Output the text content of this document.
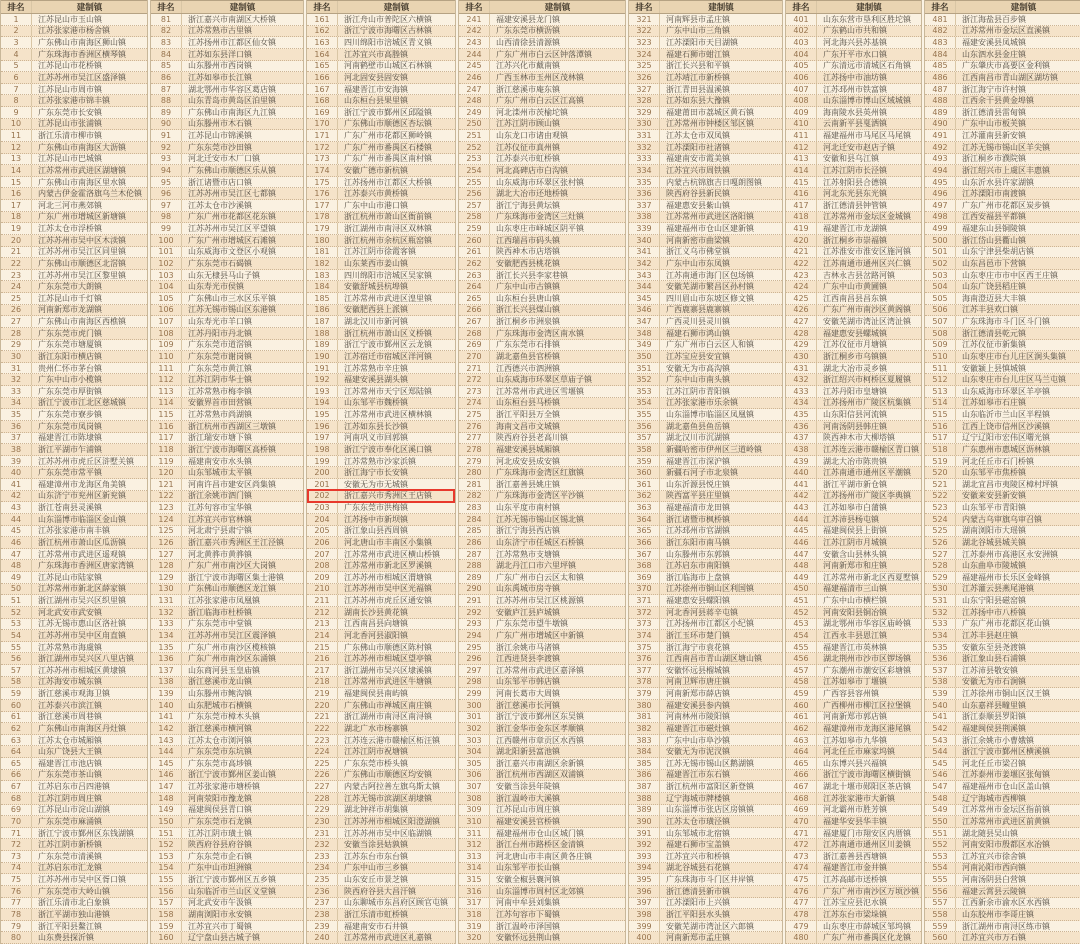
排名	建制镇
1	江苏昆山市玉山镇
2	江苏张家港市杨舍镇
3	广东佛山市南海区狮山镇
4	广东珠海市香洲区横琴镇
5	江苏昆山市花桥镇
6	江苏苏州市吴江区盛泽镇
7	江苏昆山市周市镇
8	江苏张家港市锦丰镇
9	广东东莞市长安镇
10	江苏昆山市张浦镇
11	浙江乐清市柳市镇
12	广东佛山市南海区大沥镇
13	江苏昆山市巴城镇
14	江苏常州市武进区湖塘镇
15	广东佛山市南海区里水镇
16	内蒙古伊金霍洛旗乌兰木伦镇
17	河北三河市燕郊镇
18	广东广州市增城区新塘镇
19	江苏太仓市浮桥镇
20	江苏苏州市吴中区木渎镇
21	江苏苏州市吴江区同里镇
22	广东佛山市顺德区北滘镇
23	江苏苏州市吴江区黎里镇
24	广东东莞市大朗镇
25	江苏昆山市千灯镇
26	河南新郑市龙湖镇
27	广东佛山市南海区西樵镇
28	广东东莞市虎门镇
29	广东东莞市塘厦镇
30	浙江东阳市横店镇
31	贵州仁怀市茅台镇
32	广东中山市小榄镇
33	广东东莞市厚街镇
34	浙江宁波市江北区慈城镇
35	广东东莞市寮步镇
36	广东东莞市凤岗镇
37	福建晋江市陈埭镇
38	浙江平湖市乍浦镇
39	江苏苏州市虎丘区浒墅关镇
40	广东东莞市常平镇
41	福建漳州市龙海区角美镇
42	山东济宁市兖州区新兖镇
43	浙江苍南县灵溪镇
44	山东淄博市临淄区金山镇
45	江苏张家港市南丰镇
46	浙江杭州市萧山区瓜沥镇
47	江苏常州市武进区遥观镇
48	广东珠海市香洲区唐家湾镇
49	江苏昆山市陆家镇
50	江苏常州市新北区薛家镇
51	浙江湖州市吴兴区织里镇
52	河北武安市武安镇
53	江苏无锡市惠山区洛社镇
54	江苏苏州市吴中区甪直镇
55	江苏常熟市海虞镇
56	浙江湖州市吴兴区八里店镇
57	江苏苏州市相城区黄埭镇
58	江苏海安市城东镇
59	浙江慈溪市观海卫镇
60	江苏泰兴市滨江镇
61	浙江慈溪市周巷镇
62	广东佛山市南海区丹灶镇
63	江苏太仓市城厢镇
64	山东广饶县大王镇
65	福建晋江市池店镇
66	广东东莞市茶山镇
67	江苏启东市吕四港镇
68	江苏江阴市周庄镇
69	江苏昆山市淀山湖镇
70	广东东莞市麻涌镇
71	浙江宁波市鄞州区东钱湖镇
72	江苏江阴市新桥镇
73	广东东莞市清溪镇
74	江苏启东市汇龙镇
75	江苏苏州市吴中区胥口镇
76	广东东莞市大岭山镇
77	浙江乐清市北白象镇
78	浙江平湖市独山港镇
79	浙江平阳县鳌江镇
80	山东费县探沂镇
排名	建制镇
81	浙江嘉兴市南湖区大桥镇
82	江苏常熟市古里镇
83	江苏扬州市江都区仙女镇
84	江苏如东县洋口镇
85	山东滕州市西岗镇
86	江苏如皋市长江镇
87	湖北鄂州市华容区葛店镇
88	山东青岛市黄岛区泊里镇
89	广东佛山市南海区九江镇
90	山东滕州市木石镇
91	江苏昆山市锦溪镇
92	广东东莞市沙田镇
93	河北迁安市木厂口镇
94	广东佛山市顺德区乐从镇
95	浙江诸暨市店口镇
96	江苏苏州市吴江区七都镇
97	江苏太仓市沙溪镇
98	广东广州市花都区花东镇
99	江苏苏州市吴江区平望镇
100	广东广州市增城区石滩镇
101	山东威海市文登区小观镇
102	广东东莞市石碣镇
103	山东无棣县马山子镇
104	山东寿光市侯镇
105	广东佛山市三水区乐平镇
106	江苏无锡市锡山区东港镇
107	山东寿光市羊口镇
108	江苏丹阳市丹北镇
109	广东东莞市道滘镇
110	广东东莞市谢岗镇
111	广东东莞市黄江镇
112	江苏江阴市华士镇
113	江苏常熟市梅李镇
114	安徽界首市田营镇
115	江苏常熟市尚湖镇
116	浙江杭州市西湖区三墩镇
117	浙江瑞安市塘下镇
118	浙江宁波市海曙区高桥镇
119	福建南安市水头镇
120	山东邹城市太平镇
121	河南许昌市建安区尚集镇
122	浙江余姚市泗门镇
123	江苏句容市宝华镇
124	江苏宜兴市官林镇
125	河北肃宁县肃宁镇
126	浙江嘉兴市秀洲区王江泾镇
127	河北黄骅市黄骅镇
128	广东广州市南沙区大岗镇
129	浙江宁波市海曙区集士港镇
130	广东佛山市顺德区龙江镇
131	江苏张家港市凤凰镇
132	浙江临海市杜桥镇
133	广东东莞市中堂镇
134	江苏苏州市吴江区震泽镇
135	广东广州市南沙区榄核镇
136	广东广州市南沙区东涌镇
137	山东商河县玉皇庙镇
138	浙江慈溪市龙山镇
139	山东滕州市鲍沟镇
140	山东肥城市石横镇
141	广东东莞市樟木头镇
142	浙江慈溪市横河镇
143	江苏太仓市浏河镇
144	广东东莞市东坑镇
145	广东东莞市高埗镇
146	浙江宁波市鄞州区姜山镇
147	江苏张家港市塘桥镇
148	河南荥阳市豫龙镇
149	福建闽侯县青口镇
150	广东东莞市石龙镇
151	江苏江阴市璜土镇
152	陕西府谷县府谷镇
153	广东东莞市企石镇
154	广东中山市坦洲镇
155	浙江宁波市鄞州区五乡镇
156	山东临沂市兰山区义堂镇
157	河北武安市午汲镇
158	湖南浏阳市永安镇
159	江苏宜兴市丁蜀镇
160	辽宁盘山县古城子镇
排名	建制镇
161	浙江舟山市普陀区六横镇
162	浙江宁波市海曙区古林镇
163	四川绵阳市涪城区青义镇
164	江苏宜兴市高塍镇
165	河南鹤壁市山城区石林镇
166	河北固安县固安镇
167	福建晋江市安海镇
168	山东桓台县果里镇
169	浙江宁波市鄞州区邱隘镇
170	广东佛山市顺德区杏坛镇
171	广东广州市花都区狮岭镇
172	广东广州市番禺区石楼镇
173	广东广州市番禺区南村镇
174	安徽广德市新杭镇
175	江苏扬州市江都区大桥镇
176	江苏泰兴市黄桥镇
177	广东中山市港口镇
178	浙江杭州市萧山区衙前镇
179	浙江湖州市南浔区双林镇
180	浙江杭州市余杭区瓶窑镇
181	江苏江阴市徐霞客镇
182	山东莱西市姜山镇
183	四川绵阳市涪城区吴家镇
184	安徽舒城县杭埠镇
185	江苏常州市武进区湟里镇
186	安徽肥西县上派镇
187	湖北汉川市新河镇
188	浙江杭州市萧山区义桥镇
189	浙江宁波市鄞州区云龙镇
190	江苏宿迁市宿城区洋河镇
191	江苏常熟市辛庄镇
192	福建安溪县湖头镇
193	江苏常州市天宁区郑陆镇
194	山东邹平市魏桥镇
195	江苏常州市武进区横林镇
196	江苏如东县长沙镇
197	河南巩义市回郭镇
198	浙江宁波市奉化区溪口镇
199	江苏常熟市沙家浜镇
200	浙江海宁市长安镇
201	安徽无为市无城镇
202	浙江嘉兴市秀洲区王店镇
203	广东东莞市洪梅镇
204	江苏扬中市新坝镇
205	浙江象山县西周镇
206	河北唐山市丰南区小集镇
207	江苏常州市武进区横山桥镇
208	江苏常州市新北区罗溪镇
209	江苏苏州市相城区渭塘镇
210	江苏苏州市吴中区光福镇
211	江苏苏州市虎丘区通安镇
212	湖南长沙县黄花镇
213	江西南昌县向塘镇
214	河北香河县淑阳镇
215	广东佛山市顺德区陈村镇
216	江苏苏州市相城区望亭镇
217	浙江湖州市吴兴区埭溪镇
218	江苏常州市武进区牛塘镇
219	福建闽侯县南屿镇
220	广东佛山市禅城区南庄镇
221	浙江湖州市南浔区南浔镇
222	湖北广水市杨寨镇
223	江苏连云港市赣榆区柘汪镇
224	江苏江阴市祝塘镇
225	广东东莞市桥头镇
226	广东佛山市顺德区均安镇
227	内蒙古阿拉善左旗乌斯太镇
228	江苏无锡市滨湖区胡埭镇
229	湖北钟祥市胡集镇
230	江苏苏州市相城区阳澄湖镇
231	江苏苏州市吴中区临湖镇
232	安徽当涂县姑孰镇
233	江苏东台市东台镇
234	广东中山市三乡镇
235	山东安丘市景芝镇
236	陕西府谷县大昌汗镇
237	山东聊城市东昌府区顾官屯镇
238	浙江乐清市虹桥镇
239	福建南安市石井镇
240	江苏常州市武进区礼嘉镇
排名	建制镇
241	福建安溪县龙门镇
242	广东东莞市横沥镇
243	山西清徐县清源镇
244	广东广州市白云区钟落潭镇
245	江苏兴化市戴南镇
246	广西玉林市玉州区茂林镇
247	浙江慈溪市庵东镇
248	广东广州市白云区江高镇
249	河北滦州市茨榆坨镇
250	江苏江阴市顾山镇
251	山东龙口市诸由观镇
252	江苏仪征市真州镇
253	江苏泰兴市虹桥镇
254	河北高碑店市白沟镇
255	山东威海市环翠区张村镇
256	湖北大冶市还地桥镇
257	浙江宁海县黄坛镇
258	广东珠海市金湾区三灶镇
259	山东枣庄市峄城区阴平镇
260	江西瑞昌市码头镇
261	陕西神木市店塔镇
262	安徽肥西县桃花镇
263	浙江长兴县李家巷镇
264	广东中山市古镇镇
265	山东桓台县唐山镇
266	浙江长兴县煤山镇
267	浙江桐乡市洲泉镇
268	广东珠海市金湾区南水镇
269	广东东莞市石排镇
270	湖北嘉鱼县官桥镇
271	江西德兴市泗洲镇
272	山东威海市环翠区草庙子镇
273	江苏常州市武进区雪堰镇
274	山东桓台县马桥镇
275	浙江平阳县万全镇
276	海南文昌市文城镇
277	陕西府谷县老高川镇
278	福建安溪县城厢镇
279	河北成安县成安镇
280	广东珠海市金湾区红旗镇
281	浙江嘉善县姚庄镇
282	广东珠海市金湾区平沙镇
283	山东平度市南村镇
284	江苏无锡市锡山区锡北镇
285	浙江宁海县西店镇
286	山东济宁市任城区石桥镇
287	江苏常熟市支塘镇
288	湖北丹江口市六里坪镇
289	广东广州市白云区太和镇
290	山东禹城市房寺镇
291	江苏苏州市吴江区桃源镇
292	安徽庐江县庐城镇
293	广东东莞市望牛墩镇
294	广东广州市增城区中新镇
295	浙江余姚市马渚镇
296	江西进贤县李渡镇
297	江苏常州市武进区嘉泽镇
298	山东邹平市韩店镇
299	河南长葛市大周镇
300	浙江慈溪市长河镇
301	浙江宁波市鄞州区东吴镇
302	浙江金华市金东区孝顺镇
303	江西赣州市章贡区水西镇
304	湖北阳新县富池镇
305	浙江嘉兴市南湖区余新镇
306	浙江杭州市西湖区双浦镇
307	安徽当涂县年陡镇
308	浙江温岭市大溪镇
309	江苏昆山市周庄镇
310	福建安溪县官桥镇
311	福建福州市仓山区城门镇
312	浙江台州市路桥区金清镇
313	河北唐山市丰南区黄各庄镇
314	山东邹平市长山镇
315	安徽全椒县襄河镇
316	山东淄博市周村区北郊镇
317	河南中牟县刘集镇
318	江苏句容市下蜀镇
319	浙江温岭市泽国镇
320	安徽怀远县荆山镇
排名	建制镇
321	河南辉县市孟庄镇
322	广东中山市三角镇
323	江苏溧阳市天目湖镇
324	福建石狮市蚶江镇
325	浙江长兴县和平镇
326	江苏靖江市新桥镇
327	浙江青田县温溪镇
328	江苏如东县大豫镇
329	福建莆田市荔城区黄石镇
330	江苏常州市钟楼区邹区镇
331	江苏太仓市双凤镇
332	江苏溧阳市社渚镇
333	福建南安市霞美镇
334	江苏宜兴市周铁镇
335	内蒙古杭锦旗吉日嘎朗图镇
336	陕西府谷县新民镇
337	福建惠安县紫山镇
338	江苏常州市武进区洛阳镇
339	福建福州市仓山区建新镇
340	河南新密市曲梁镇
341	浙江义乌市佛堂镇
342	广东中山市东凤镇
343	江苏南通市海门区包场镇
344	安徽芜湖市繁昌区孙村镇
345	四川眉山市东坡区修文镇
346	广西鹿寨县鹿寨镇
347	广西灵川县灵川镇
348	福建石狮市鸿山镇
349	广东广州市白云区人和镇
350	江苏宝应县安宜镇
351	安徽无为市高沟镇
352	广东中山市南头镇
353	江苏江阴市青阳镇
354	江苏张家港市乐余镇
355	山东淄博市临淄区凤凰镇
356	湖北嘉鱼县鱼岳镇
357	湖北汉川市沉湖镇
358	新疆哈密市伊州区三道岭镇
359	福建晋江市深沪镇
360	新疆石河子市北泉镇
361	山东沂源县悦庄镇
362	陕西富平县庄里镇
363	福建福清市龙田镇
364	浙江诸暨市枫桥镇
365	江苏邳州市官湖镇
366	浙江东阳市南马镇
367	山东滕州市东郭镇
368	江苏启东市南阳镇
369	浙江临海市上盘镇
370	江苏徐州市铜山区利国镇
371	福建惠安县螺阳镇
372	河北香河县蒋辛屯镇
373	江苏扬州市江都区小纪镇
374	浙江玉环市楚门镇
375	浙江海宁市袁花镇
376	江西南昌市青山湖区塘山镇
377	安徽怀远县榴城镇
378	河南卫辉市唐庄镇
379	河南新郑市薛店镇
380	福建安溪县参内镇
381	河南林州市陵阳镇
382	福建晋江市磁灶镇
383	广东中山市阜沙镇
384	安徽无为市泥汊镇
385	江苏无锡市锡山区鹅湖镇
386	福建晋江市东石镇
387	浙江杭州市富阳区新登镇
388	辽宁海城市牌楼镇
389	山东淄博市张店区房镇镇
390	江苏太仓市璜泾镇
391	山东邹城市北宿镇
392	福建石狮市宝盖镇
393	江苏宜兴市和桥镇
394	湖北谷城县石花镇
395	广东珠海市斗门区井岸镇
396	浙江德清县新市镇
397	江苏溧阳市上兴镇
398	浙江平阳县水头镇
399	安徽芜湖市湾沚区六郎镇
400	河南新郑市孟庄镇
排名	建制镇
401	山东东营市垦利区胜坨镇
402	广东鹤山市共和镇
403	河北海兴县苏基镇
404	广东开平市水口镇
405	广东清远市清城区石角镇
406	江苏扬中市油坊镇
407	江苏邳州市铁富镇
408	山东淄博市博山区域城镇
409	海南陵水县英州镇
410	云南新平县戛洒镇
411	福建福州市马尾区马尾镇
412	河北迁安市赵店子镇
413	安徽和县乌江镇
414	江苏江阴市长泾镇
415	江苏射阳县合德镇
416	河北东光县东光镇
417	浙江德清县钟管镇
418	江苏常州市金坛区金城镇
419	福建晋江市龙湖镇
420	浙江桐乡市崇福镇
421	江苏淮安市淮安区施河镇
422	江苏南通市通州区兴仁镇
423	吉林永吉县岔路河镇
424	广东中山市黄圃镇
425	江西南昌县昌东镇
426	广东广州市南沙区黄阁镇
427	安徽芜湖市湾沚区湾沚镇
428	福建惠安县螺城镇
429	江苏仪征市月塘镇
430	浙江桐乡市乌镇镇
431	湖北大冶市灵乡镇
432	浙江绍兴市柯桥区夏履镇
433	江苏丹阳市皇塘镇
434	江苏扬州市广陵区杭集镇
435	山东阳信县河流镇
436	河南汤阴县韩庄镇
437	陕西神木市大柳塔镇
438	江苏连云港市赣榆区青口镇
439	湖北大冶市陈贵镇
440	江苏南通市通州区平潮镇
441	浙江平湖市新仓镇
442	江苏扬州市广陵区李典镇
443	江苏如皋市白蒲镇
444	江苏沛县杨屯镇
445	福建闽侯县上街镇
446	江苏江阴市月城镇
447	安徽含山县林头镇
448	河南新郑市和庄镇
449	江苏常州市新北区西夏墅镇
450	福建福清市三山镇
451	广东中山市横栏镇
452	河南安阳县铜冶镇
453	湖北鄂州市华容区庙岭镇
454	江西永丰县恩江镇
455	福建晋江市英林镇
456	湖北荆州市沙市区锣场镇
457	广东潮州市潮安区彩塘镇
458	江苏如皋市丁堰镇
459	广西容县容州镇
460	广西柳州市柳江区拉堡镇
461	河南新郑市郭店镇
462	福建漳州市龙海区港尾镇
463	江苏如皋市九华镇
464	河北任丘市麻家坞镇
465	山东博兴县兴福镇
466	浙江宁波市海曙区横街镇
467	湖北十堰市郧阳区茶店镇
468	江苏张家港市大新镇
469	河北霸州市胜芳镇
470	福建华安县华丰镇
471	福建厦门市翔安区内厝镇
472	江苏南通市通州区川姜镇
473	浙江嘉善县西塘镇
474	福建晋江市金井镇
475	江苏高邮市送桥镇
476	广东广州市南沙区万顷沙镇
477	江苏宝应县氾水镇
478	江苏东台市梁垛镇
479	山东枣庄市薛城区邹坞镇
480	广东广州市番禺区化龙镇
排名	建制镇
481	浙江海盐县百步镇
482	江苏常州市金坛区直溪镇
483	福建安溪县凤城镇
484	山东泗水县金庄镇
485	广东肇庆市高要区金利镇
486	江西南昌市青山湖区湖坊镇
487	浙江海宁市许村镇
488	江西余干县黄金埠镇
489	浙江德清县雷甸镇
490	广东中山市板芙镇
491	江苏灌南县新安镇
492	江苏无锡市锡山区羊尖镇
493	浙江桐乡市濮院镇
494	浙江绍兴市上虞区丰惠镇
495	山东沂水县许家湖镇
496	江苏溧阳市南渡镇
497	广东广州市花都区炭步镇
498	江西安福县平都镇
499	福建东山县铜陵镇
500	浙江岱山县衢山镇
501	山东宁津县柴胡店镇
502	山东昌邑市下营镇
503	山东枣庄市市中区西王庄镇
504	山东广饶县稻庄镇
505	海南澄迈县大丰镇
506	江苏丰县欢口镇
507	广东珠海市斗门区斗门镇
508	浙江德清县乾元镇
509	江苏仪征市新集镇
510	山东枣庄市台儿庄区涧头集镇
511	安徽颍上县慎城镇
512	山东枣庄市台儿庄区马兰屯镇
513	山东威海市环翠区羊亭镇
514	江苏如皋市石庄镇
515	山东临沂市兰山区半程镇
516	江西上饶市信州区沙溪镇
517	辽宁辽阳市宏伟区曙光镇
518	广东惠州市惠城区沥林镇
519	河北任丘市石门桥镇
520	山东邹平市焦桥镇
521	湖北宜昌市夷陵区樟村坪镇
522	安徽来安县新安镇
523	山东邹平市青阳镇
524	内蒙古乌审旗乌审召镇
525	湖南浏阳市大瑶镇
526	湖北谷城县城关镇
527	江苏泰州市高港区永安洲镇
528	山东曲阜市陵城镇
529	福建福州市长乐区金峰镇
530	江苏灌云县燕尾港镇
531	山东宁阳县磁窑镇
532	江苏扬中市八桥镇
533	广东广州市花都区花山镇
534	江苏丰县赵庄镇
535	安徽东至县尧渡镇
536	浙江象山县石浦镇
537	江苏沛县敬安镇
538	安徽无为市石涧镇
539	江苏徐州市铜山区汉王镇
540	山东嘉祥县疃里镇
541	浙江泰顺县罗阳镇
542	福建闽侯县荆溪镇
543	浙江余姚市小曹娥镇
544	浙江宁波市鄞州区横溪镇
545	河北任丘市梁召镇
546	江苏泰州市姜堰区张甸镇
547	福建福州市仓山区盖山镇
548	辽宁海城市西柳镇
549	江苏常州市金坛区指前镇
550	江苏常州市武进区前黄镇
551	湖北随县吴山镇
552	河南安阳市殷都区水冶镇
553	江苏宜兴市徐舍镇
554	河南沁阳市西向镇
555	河南汤阴县白营镇
556	福建云霄县云陵镇
557	江西新余市渝水区水西镇
558	山东胶州市李哥庄镇
559	浙江湖州市南浔区练市镇
560	江苏宜兴市万石镇
